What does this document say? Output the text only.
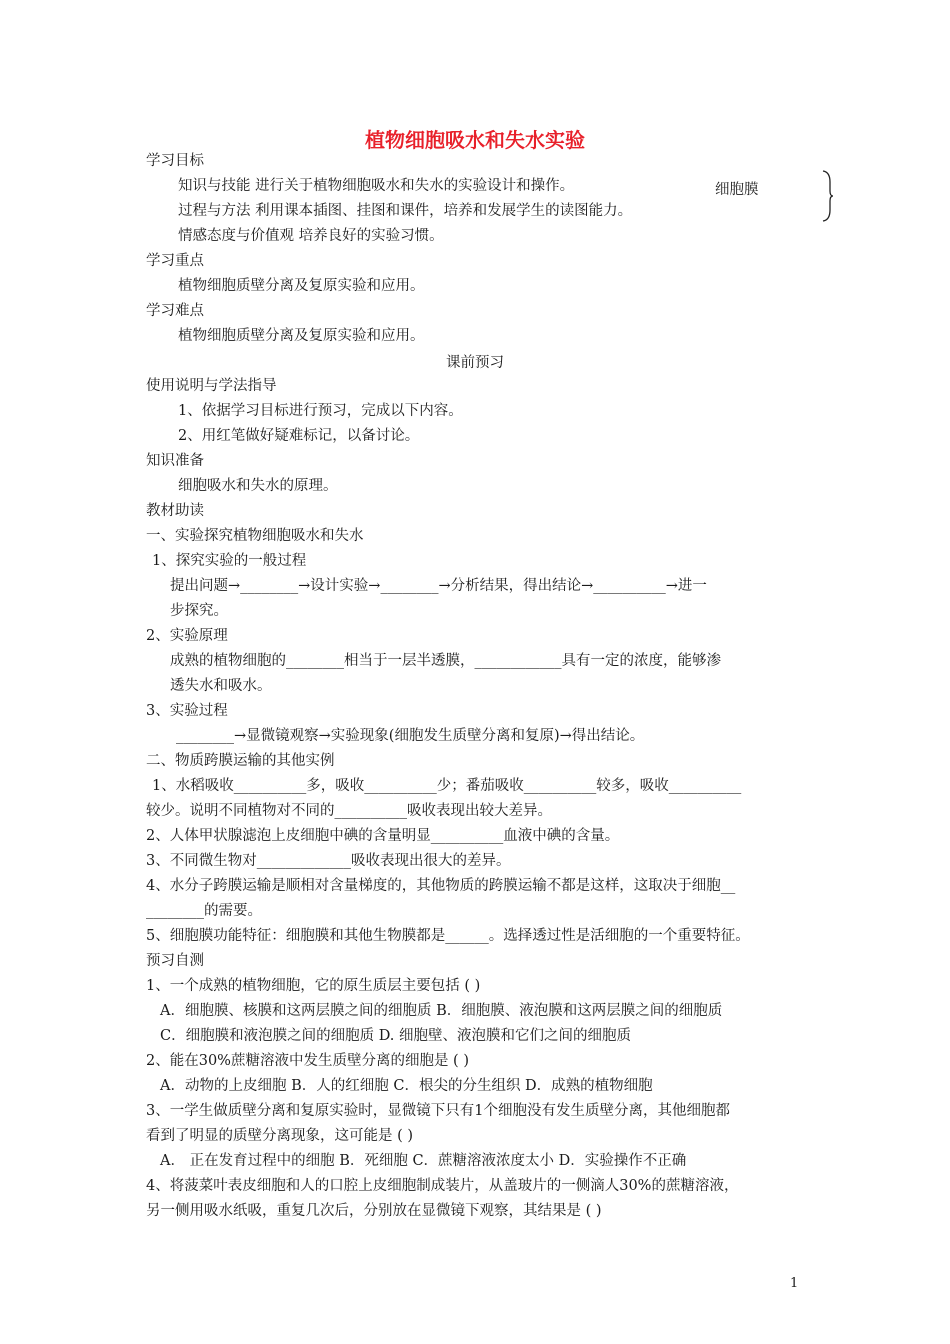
植物细胞吸水和失水实验
细胞膜
课前预习
学习目标
知识与技能 进行关于植物细胞吸水和失水的实验设计和操作。
过程与方法 利用课本插图、挂图和课件，培养和发展学生的读图能力。
情感态度与价值观 培养良好的实验习惯。
学习重点
植物细胞质壁分离及复原实验和应用。
学习难点
植物细胞质壁分离及复原实验和应用。
使用说明与学法指导
1、依据学习目标进行预习，完成以下内容。
2、用红笔做好疑难标记，以备讨论。
知识准备
细胞吸水和失水的原理。
教材助读
一、实验探究植物细胞吸水和失水
1、探究实验的一般过程
提出问题→________→设计实验→________→分析结果，得出结论→__________→进一
步探究。
2、实验原理
成熟的植物细胞的________相当于一层半透膜，____________具有一定的浓度，能够渗
透失水和吸水。
3、实验过程
________→显微镜观察→实验现象(细胞发生质壁分离和复原)→得出结论。
二、物质跨膜运输的其他实例
1、水稻吸收__________多，吸收__________少；番茄吸收__________较多，吸收__________
较少。说明不同植物对不同的__________吸收表现出较大差异。
2、人体甲状腺滤泡上皮细胞中碘的含量明显__________血液中碘的含量。
3、不同微生物对_____________吸收表现出很大的差异。
4、水分子跨膜运输是顺相对含量梯度的，其他物质的跨膜运输不都是这样，这取决于细胞__
________的需要。
5、细胞膜功能特征：细胞膜和其他生物膜都是______。选择透过性是活细胞的一个重要特征。
预习自测
1、一个成熟的植物细胞，它的原生质层主要包括 ( )
A．细胞膜、核膜和这两层膜之间的细胞质 B．细胞膜、液泡膜和这两层膜之间的细胞质
C．细胞膜和液泡膜之间的细胞质 D. 细胞壁、液泡膜和它们之间的细胞质
2、能在30%蔗糖溶液中发生质壁分离的细胞是 ( )
A．动物的上皮细胞 B．人的红细胞 C．根尖的分生组织 D．成熟的植物细胞
3、一学生做质壁分离和复原实验时，显微镜下只有1个细胞没有发生质壁分离，其他细胞都
看到了明显的质壁分离现象，这可能是 ( )
A． 正在发育过程中的细胞 B．死细胞 C．蔗糖溶液浓度太小 D．实验操作不正确
4、将菠菜叶表皮细胞和人的口腔上皮细胞制成装片，从盖玻片的一侧滴人30%的蔗糖溶液，
另一侧用吸水纸吸，重复几次后，分别放在显微镜下观察，其结果是 ( )
1
